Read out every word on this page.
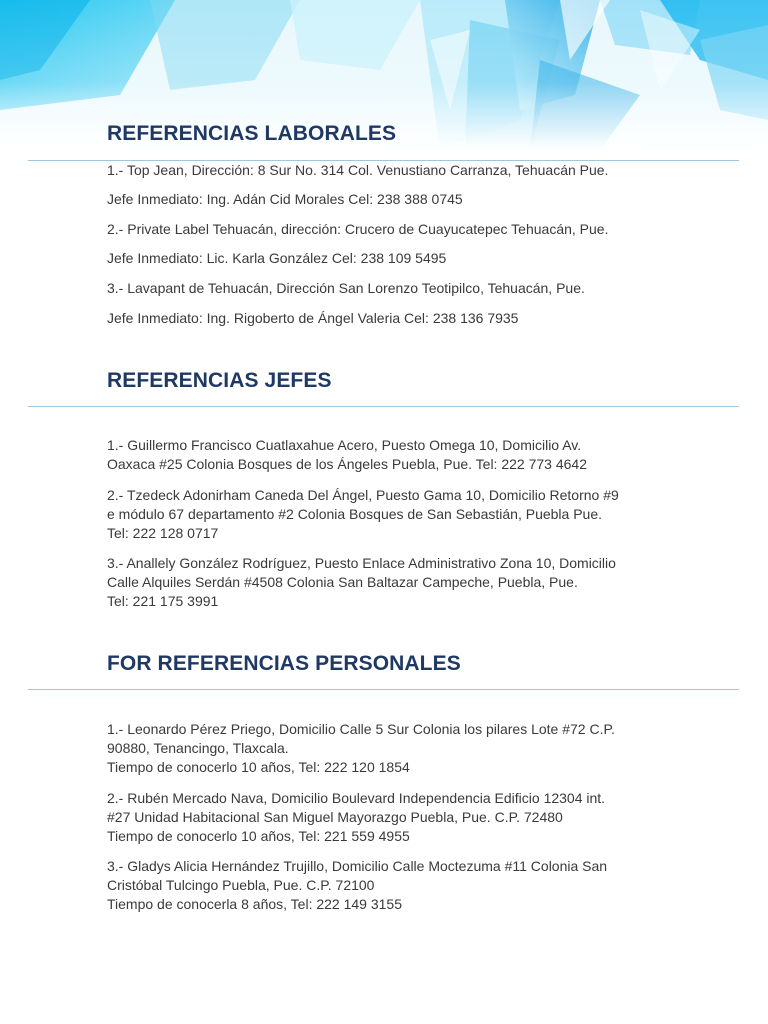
REFERENCIAS LABORALES

1.- Top Jean, Dirección: 8 Sur No. 314 Col. Venustiano Carranza, Tehuacán Pue.

Jefe Inmediato: Ing. Adán Cid Morales Cel: 238 388 0745

2.- Private Label Tehuacán, dirección: Crucero de Cuayucatepec Tehuacán, Pue.

Jefe Inmediato: Lic. Karla González Cel: 238 109 5495

3.- Lavapant de Tehuacán, Dirección San Lorenzo Teotipilco, Tehuacán, Pue.

Jefe Inmediato: Ing. Rigoberto de Ángel Valeria Cel: 238 136 7935

REFERENCIAS JEFES
1.- Guillermo Francisco Cuatlaxahue Acero, Puesto Omega 10, Domicilio Av.
Oaxaca #25 Colonia Bosques de los Ángeles Puebla, Pue. Tel: 222 773 4642
2.- Tzedeck Adonirham Caneda Del Ángel, Puesto Gama 10, Domicilio Retorno #9
e módulo 67 departamento #2 Colonia Bosques de San Sebastián, Puebla Pue.
Tel: 222 128 0717
3.- Anallely González Rodríguez, Puesto Enlace Administrativo Zona 10, Domicilio
Calle Alquiles Serdán #4508 Colonia San Baltazar Campeche, Puebla, Pue.
Tel: 221 175 3991
FOR REFERENCIAS PERSONALES
1.- Leonardo Pérez Priego, Domicilio Calle 5 Sur Colonia los pilares Lote #72 C.P.
90880, Tenancingo, Tlaxcala.
Tiempo de conocerlo 10 años, Tel: 222 120 1854
2.- Rubén Mercado Nava, Domicilio Boulevard Independencia Edificio 12304 int.
#27 Unidad Habitacional San Miguel Mayorazgo Puebla, Pue. C.P. 72480
Tiempo de conocerlo 10 años, Tel: 221 559 4955
3.- Gladys Alicia Hernández Trujillo, Domicilio Calle Moctezuma #11 Colonia San
Cristóbal Tulcingo Puebla, Pue. C.P. 72100
Tiempo de conocerla 8 años, Tel: 222 149 3155
